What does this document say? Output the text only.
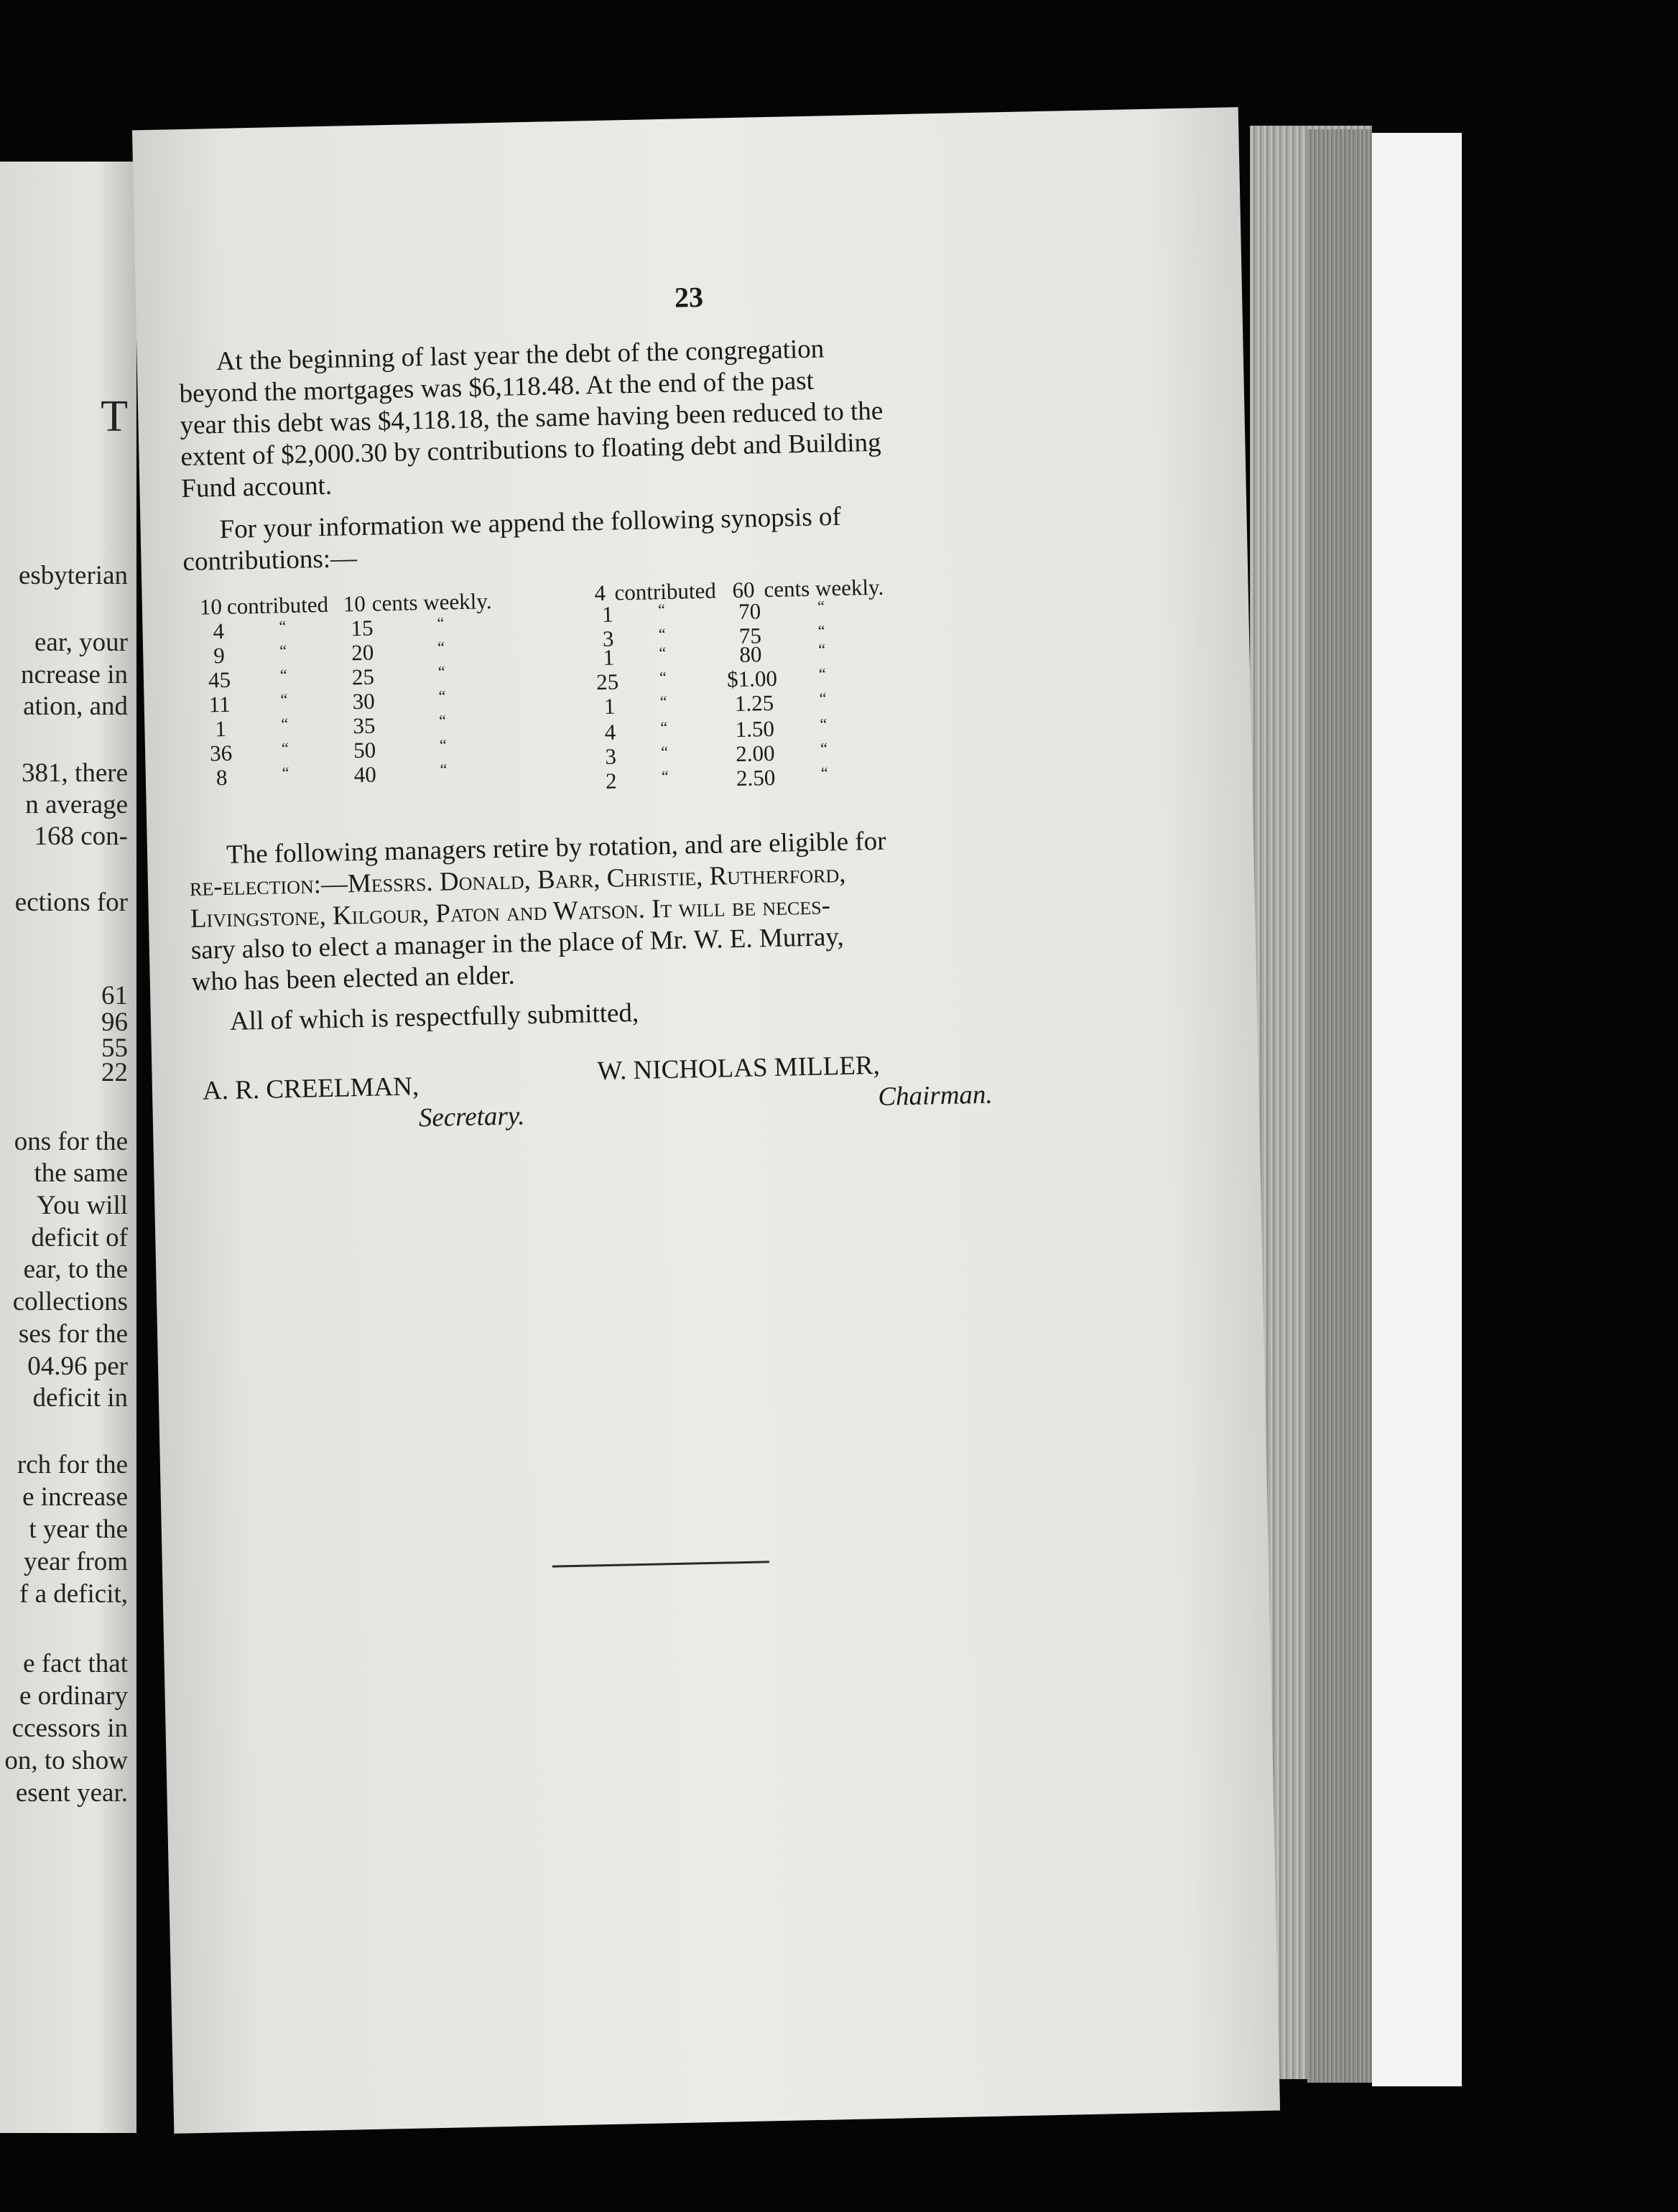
T
esbyterian
ear, your
ncrease in
ation, and
381, there
n average
168 con-
ections for
61
96
55
22
ons for the
the same
You will
deficit of
ear, to the
collections
ses for the
04.96 per
deficit in
rch for the
e increase
t year the
year from
f a deficit,
e fact that
e ordinary
ccessors in
on, to show
esent year.
23
At the beginning of last year the debt of the congregation
beyond the mortgages was $6,118.48. At the end of the past
year this debt was $4,118.18, the same having been reduced to the
extent of $2,000.30 by contributions to floating debt and Building
Fund account.
For your information we append the following synopsis of
contributions:—
10 contributed 10 cents weekly.
4	“	15	“
9	“	20	“
45	“	25	“
11	“	30	“
1	“	35	“
36	“	50	“
8	“	40	“
4 contributed 60 cents weekly.
1	“	70	“
3	“	75	“
1	“	80	“
25	“	$1.00	“
1	“	1.25	“
4	“	1.50	“
3	“	2.00	“
2	“	2.50	“
The following managers retire by rotation, and are eligible for
re-election:—Messrs. Donald, Barr, Christie, Rutherford,
Livingstone, Kilgour, Paton and Watson. It will be neces-
sary also to elect a manager in the place of Mr. W. E. Murray,
who has been elected an elder.
All of which is respectfully submitted,
A. R. CREELMAN,
Secretary.
W. NICHOLAS MILLER,
Chairman.
